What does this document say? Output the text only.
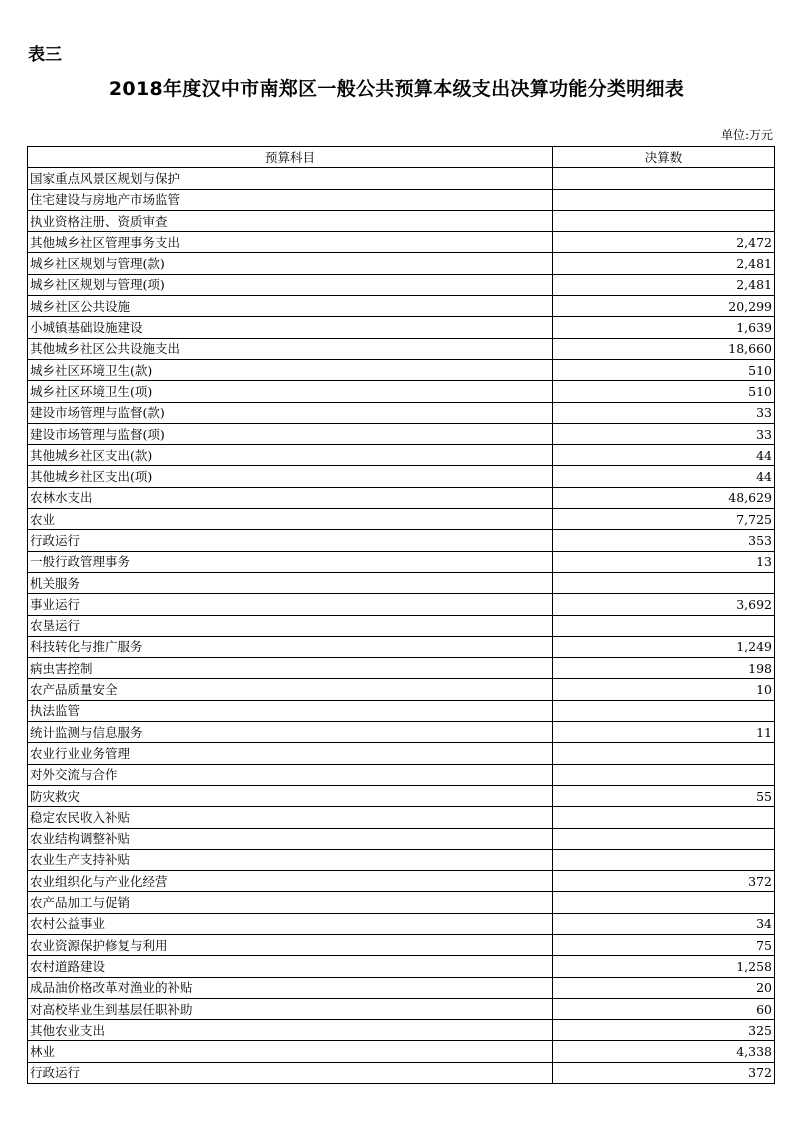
表三
2018年度汉中市南郑区一般公共预算本级支出决算功能分类明细表
单位:万元
预算科目	决算数
国家重点风景区规划与保护	
住宅建设与房地产市场监管	
执业资格注册、资质审查	
其他城乡社区管理事务支出	2,472
城乡社区规划与管理(款)	2,481
城乡社区规划与管理(项)	2,481
城乡社区公共设施	20,299
小城镇基础设施建设	1,639
其他城乡社区公共设施支出	18,660
城乡社区环境卫生(款)	510
城乡社区环境卫生(项)	510
建设市场管理与监督(款)	33
建设市场管理与监督(项)	33
其他城乡社区支出(款)	44
其他城乡社区支出(项)	44
农林水支出	48,629
农业	7,725
行政运行	353
一般行政管理事务	13
机关服务	
事业运行	3,692
农垦运行	
科技转化与推广服务	1,249
病虫害控制	198
农产品质量安全	10
执法监管	
统计监测与信息服务	11
农业行业业务管理	
对外交流与合作	
防灾救灾	55
稳定农民收入补贴	
农业结构调整补贴	
农业生产支持补贴	
农业组织化与产业化经营	372
农产品加工与促销	
农村公益事业	34
农业资源保护修复与利用	75
农村道路建设	1,258
成品油价格改革对渔业的补贴	20
对高校毕业生到基层任职补助	60
其他农业支出	325
林业	4,338
行政运行	372
